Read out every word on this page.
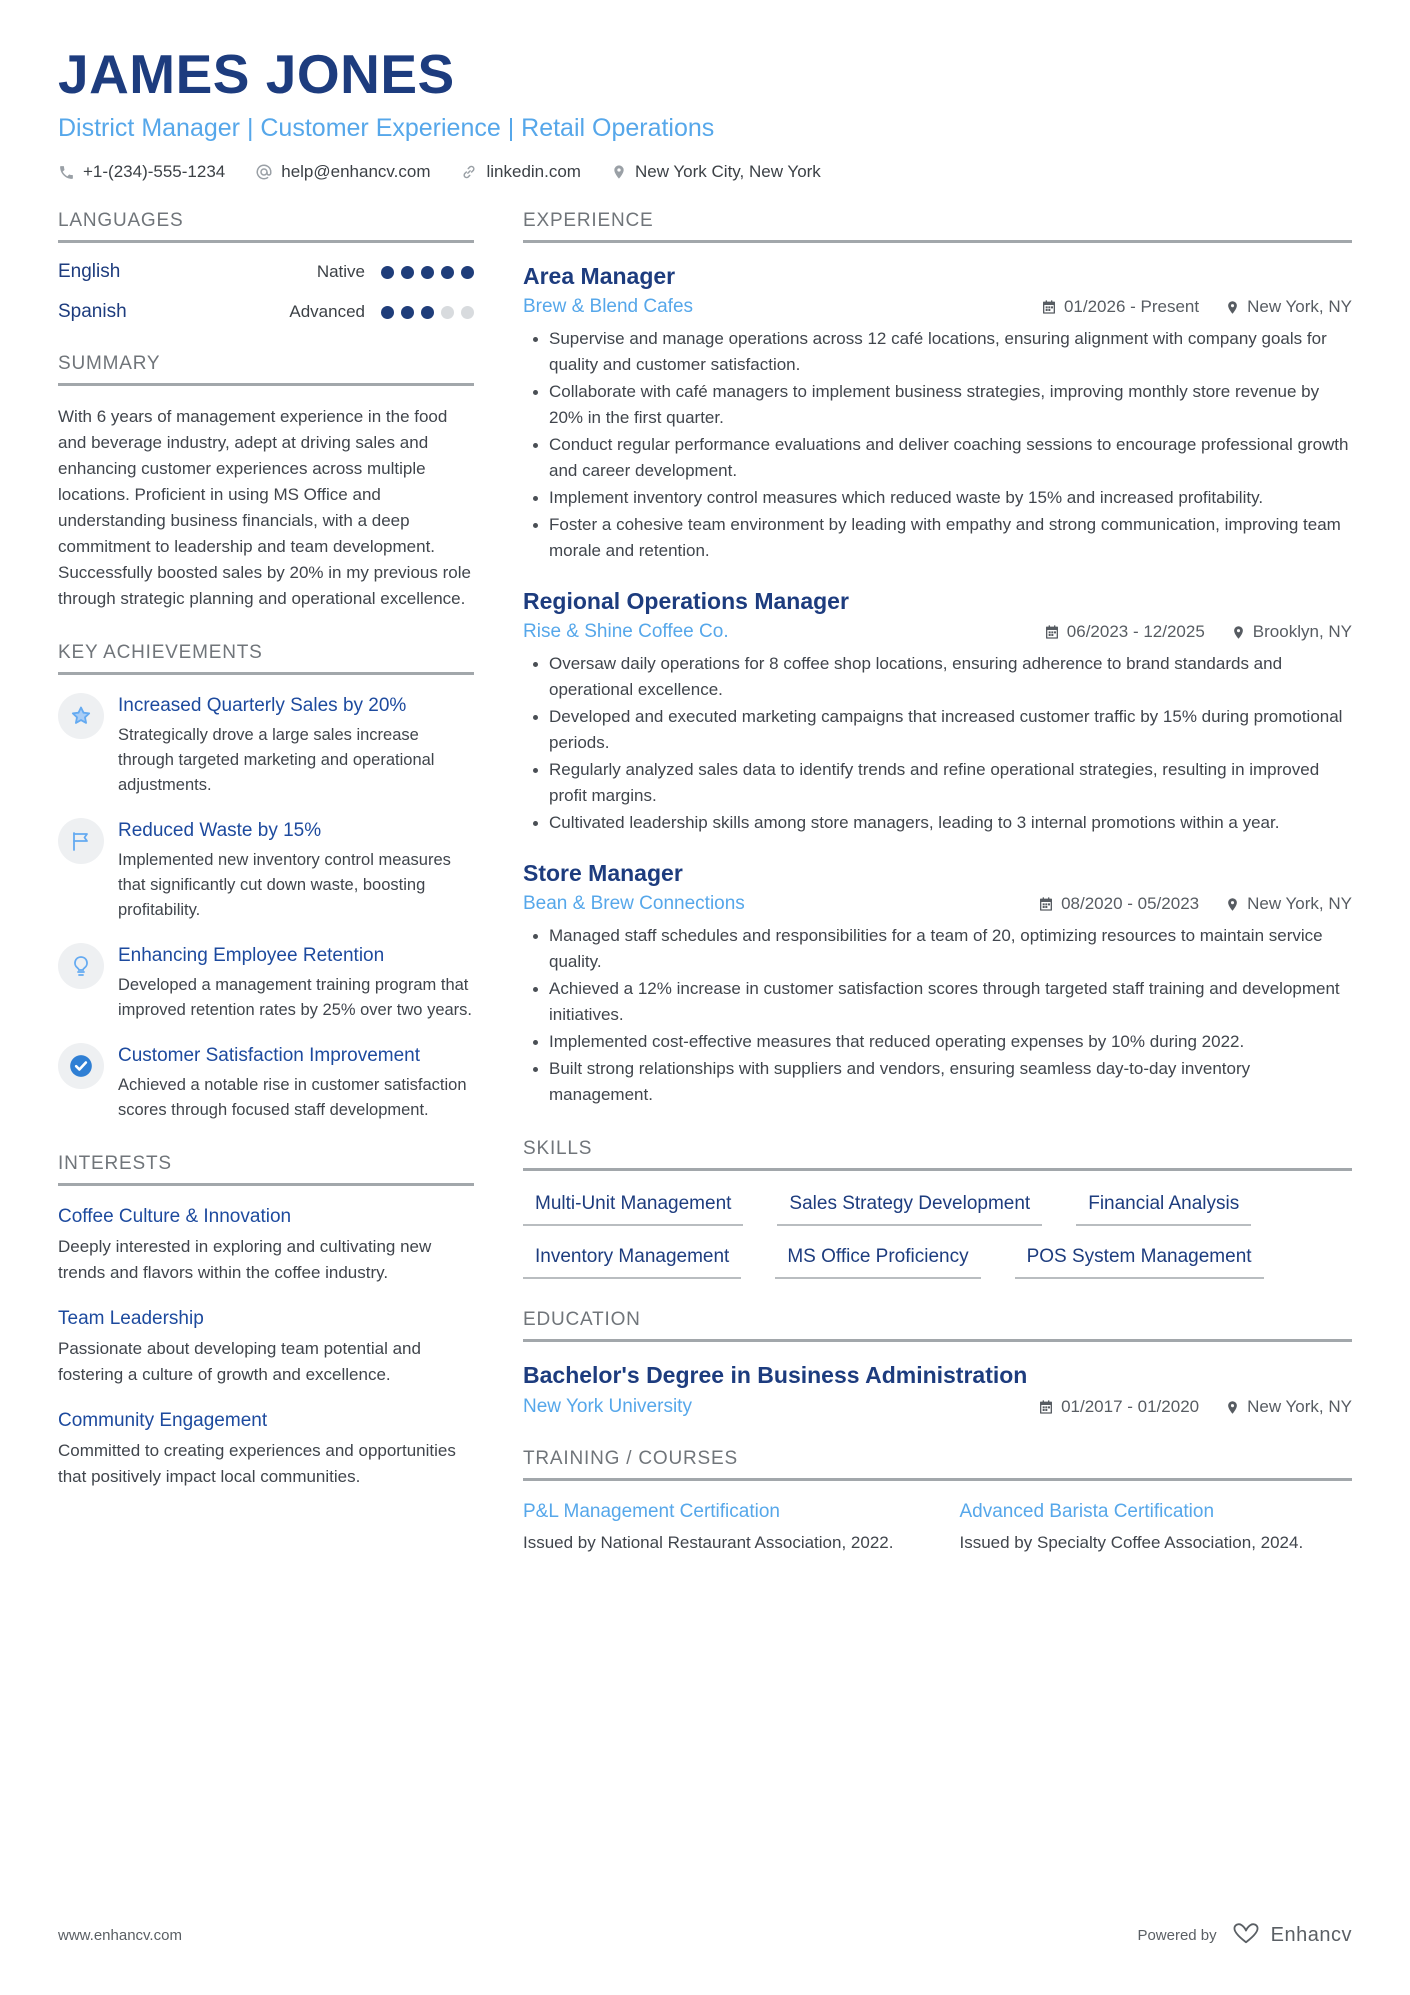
JAMES JONES
District Manager | Customer Experience | Retail Operations
+1-(234)-555-1234	help@enhancv.com	linkedin.com	New York City, New York
LANGUAGES
English	Native
Spanish	Advanced
SUMMARY
With 6 years of management experience in the food and beverage industry, adept at driving sales and enhancing customer experiences across multiple locations. Proficient in using MS Office and understanding business financials, with a deep commitment to leadership and team development. Successfully boosted sales by 20% in my previous role through strategic planning and operational excellence.
KEY ACHIEVEMENTS
Increased Quarterly Sales by 20%
Strategically drove a large sales increase through targeted marketing and operational adjustments.
Reduced Waste by 15%
Implemented new inventory control measures that significantly cut down waste, boosting profitability.
Enhancing Employee Retention
Developed a management training program that improved retention rates by 25% over two years.
Customer Satisfaction Improvement
Achieved a notable rise in customer satisfaction scores through focused staff development.
INTERESTS
Coffee Culture & Innovation
Deeply interested in exploring and cultivating new trends and flavors within the coffee industry.
Team Leadership
Passionate about developing team potential and fostering a culture of growth and excellence.
Community Engagement
Committed to creating experiences and opportunities that positively impact local communities.
EXPERIENCE
Area Manager
Brew & Blend Cafes	01/2026 - Present	New York, NY
Supervise and manage operations across 12 café locations, ensuring alignment with company goals for quality and customer satisfaction.
Collaborate with café managers to implement business strategies, improving monthly store revenue by 20% in the first quarter.
Conduct regular performance evaluations and deliver coaching sessions to encourage professional growth and career development.
Implement inventory control measures which reduced waste by 15% and increased profitability.
Foster a cohesive team environment by leading with empathy and strong communication, improving team morale and retention.
Regional Operations Manager
Rise & Shine Coffee Co.	06/2023 - 12/2025	Brooklyn, NY
Oversaw daily operations for 8 coffee shop locations, ensuring adherence to brand standards and operational excellence.
Developed and executed marketing campaigns that increased customer traffic by 15% during promotional periods.
Regularly analyzed sales data to identify trends and refine operational strategies, resulting in improved profit margins.
Cultivated leadership skills among store managers, leading to 3 internal promotions within a year.
Store Manager
Bean & Brew Connections	08/2020 - 05/2023	New York, NY
Managed staff schedules and responsibilities for a team of 20, optimizing resources to maintain service quality.
Achieved a 12% increase in customer satisfaction scores through targeted staff training and development initiatives.
Implemented cost-effective measures that reduced operating expenses by 10% during 2022.
Built strong relationships with suppliers and vendors, ensuring seamless day-to-day inventory management.
SKILLS
Multi-Unit Management	Sales Strategy Development	Financial Analysis
Inventory Management	MS Office Proficiency	POS System Management
EDUCATION
Bachelor's Degree in Business Administration
New York University	01/2017 - 01/2020	New York, NY
TRAINING / COURSES
P&L Management Certification
Issued by National Restaurant Association, 2022.
Advanced Barista Certification
Issued by Specialty Coffee Association, 2024.
www.enhancv.com	Powered by	Enhancv
